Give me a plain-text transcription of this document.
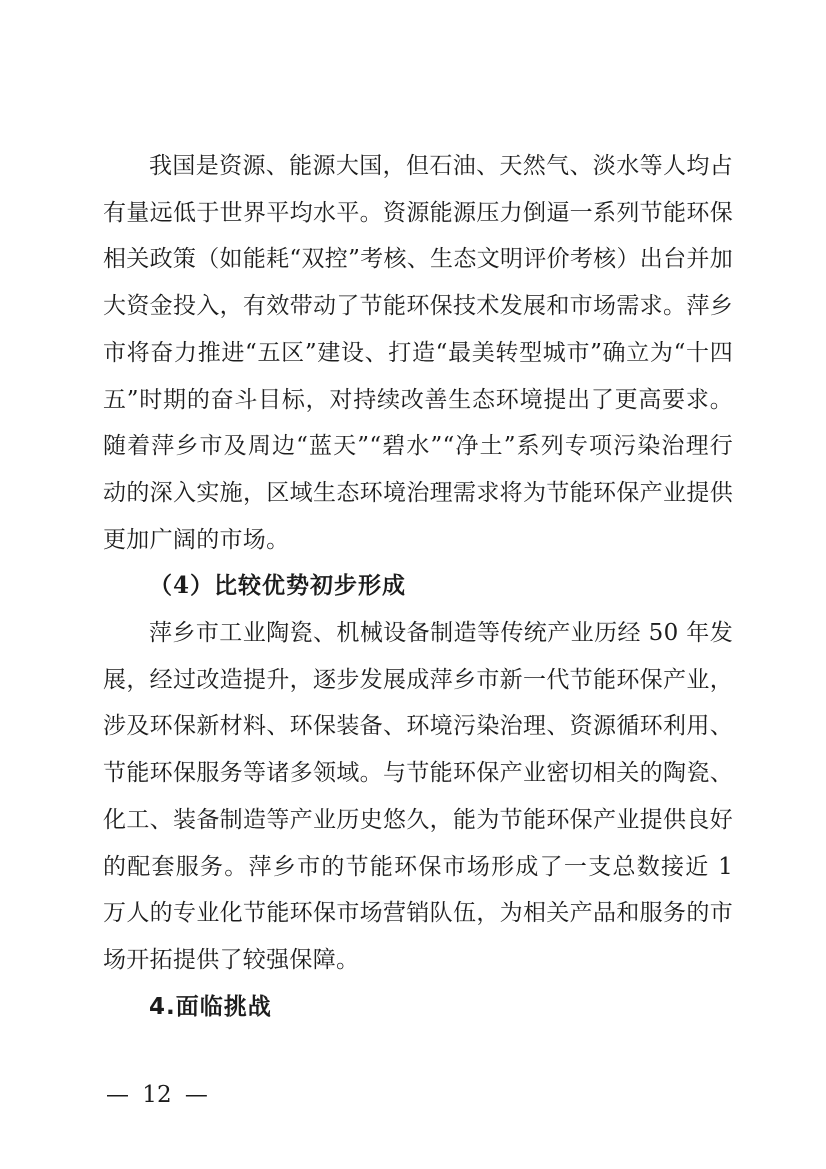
我国是资源、能源大国，但石油、天然气、淡水等人均占有量远低于世界平均水平。资源能源压力倒逼一系列节能环保相关政策（如能耗“双控”考核、生态文明评价考核）出台并加大资金投入，有效带动了节能环保技术发展和市场需求。萍乡市将奋力推进“五区”建设、打造“最美转型城市”确立为“十四五”时期的奋斗目标，对持续改善生态环境提出了更高要求。随着萍乡市及周边“蓝天”“碧水”“净土”系列专项污染治理行动的深入实施，区域生态环境治理需求将为节能环保产业提供更加广阔的市场。

（4）比较优势初步形成

萍乡市工业陶瓷、机械设备制造等传统产业历经 50 年发展，经过改造提升，逐步发展成萍乡市新一代节能环保产业，涉及环保新材料、环保装备、环境污染治理、资源循环利用、节能环保服务等诸多领域。与节能环保产业密切相关的陶瓷、化工、装备制造等产业历史悠久，能为节能环保产业提供良好的配套服务。萍乡市的节能环保市场形成了一支总数接近 1 万人的专业化节能环保市场营销队伍，为相关产品和服务的市场开拓提供了较强保障。

4.面临挑战
— 12 —
